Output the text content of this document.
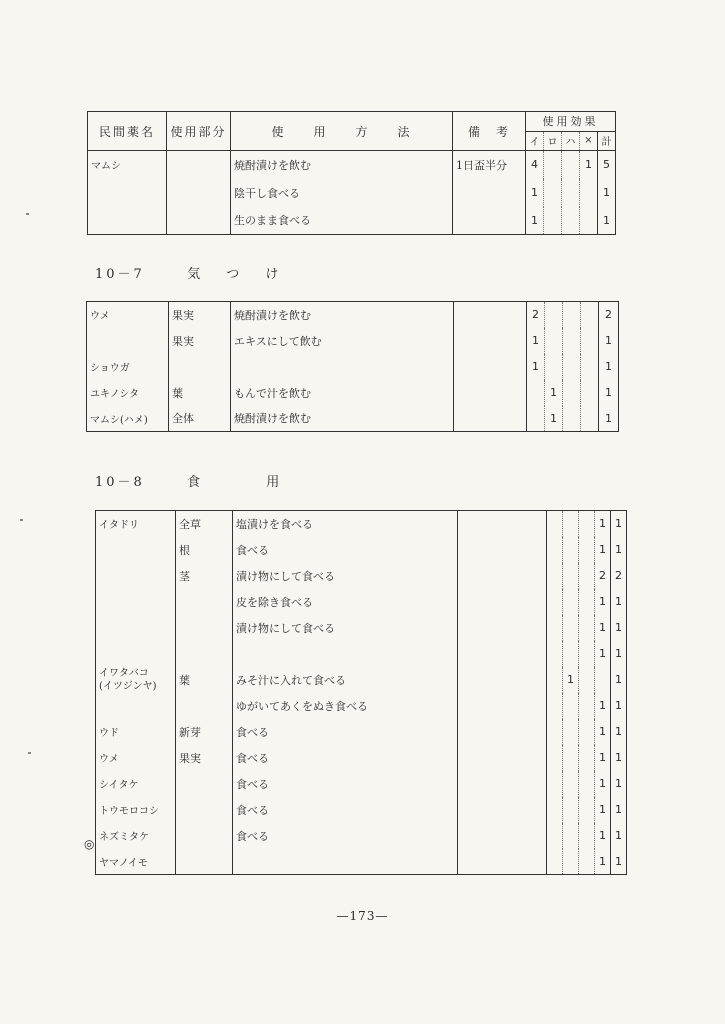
民間薬名	使用部分	使　　用　　方　　法	備　考	使用効果				
				イ	ロ	ハ	×	計
マムシ		焼酎漬けを飲む	1日盃半分	4			1	5
		陰干し食べる		1				1
		生のまま食べる		1				1
10－7	気 つ け
ウメ	果実	焼酎漬けを飲む		2				2
	果実	エキスにして飲む		1				1
ショウガ				1				1
ユキノシタ	葉	もんで汁を飲む			1			1
マムシ(ハメ)	全体	焼酎漬けを飲む			1			1
10－8	食	用
イタドリ	全草	塩漬けを食べる					1	1
	根	食べる					1	1
	茎	漬け物にして食べる					2	2
		皮を除き食べる					1	1
		漬け物にして食べる					1	1
							1	1
イワタバコ
(イツジンヤ)	葉	みそ汁に入れて食べる			1			1
		ゆがいてあくをぬき食べる					1	1
ウド	新芽	食べる					1	1
ウメ	果実	食べる					1	1
シイタケ		食べる					1	1
トウモロコシ		食べる					1	1
ネズミタケ		食べる					1	1
ヤマノイモ							1	1
◎
—173—
